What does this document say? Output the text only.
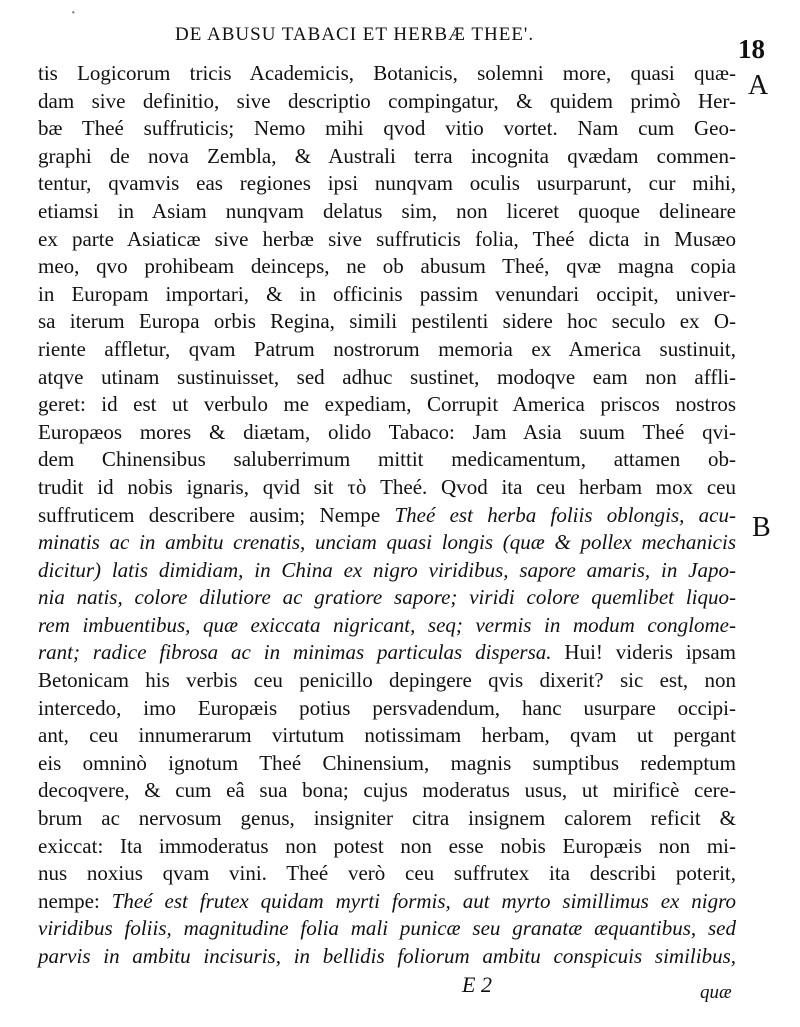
·
DE ABUSU TABACI ET HERBÆ THEE'.	18
A
B
tis Logicorum tricis Academicis, Botanicis, solemni more, quasi quæ-
dam sive definitio, sive descriptio compingatur, & quidem primò Her-
bæ Theé suffruticis; Nemo mihi qvod vitio vortet. Nam cum Geo-
graphi de nova Zembla, & Australi terra incognita qvædam commen-
tentur, qvamvis eas regiones ipsi nunqvam oculis usurparunt, cur mihi,
etiamsi in Asiam nunqvam delatus sim, non liceret quoque delineare
ex parte Asiaticæ sive herbæ sive suffruticis folia, Theé dicta in Musæo
meo, qvo prohibeam deinceps, ne ob abusum Theé, qvæ magna copia
in Europam importari, & in officinis passim venundari occipit, univer-
sa iterum Europa orbis Regina, simili pestilenti sidere hoc seculo ex O-
riente affletur, qvam Patrum nostrorum memoria ex America sustinuit,
atqve utinam sustinuisset, sed adhuc sustinet, modoqve eam non affli-
geret: id est ut verbulo me expediam, Corrupit America priscos nostros
Europæos mores & diætam, olido Tabaco: Jam Asia suum Theé qvi-
dem Chinensibus saluberrimum mittit medicamentum, attamen ob-
trudit id nobis ignaris, qvid sit τὸ Theé. Qvod ita ceu herbam mox ceu
suffruticem describere ausim; Nempe Theé est herba foliis oblongis, acu-
minatis ac in ambitu crenatis, unciam quasi longis (quæ & pollex mechanicis
dicitur) latis dimidiam, in China ex nigro viridibus, sapore amaris, in Japo-
nia natis, colore dilutiore ac gratiore sapore; viridi colore quemlibet liquo-
rem imbuentibus, quæ exiccata nigricant, seq; vermis in modum conglome-
rant; radice fibrosa ac in minimas particulas dispersa. Hui! videris ipsam
Betonicam his verbis ceu penicillo depingere qvis dixerit? sic est, non
intercedo, imo Europæis potius persvadendum, hanc usurpare occipi-
ant, ceu innumerarum virtutum notissimam herbam, qvam ut pergant
eis omninò ignotum Theé Chinensium, magnis sumptibus redemptum
decoqvere, & cum eâ sua bona; cujus moderatus usus, ut mirificè cere-
brum ac nervosum genus, insigniter citra insignem calorem reficit &
exiccat: Ita immoderatus non potest non esse nobis Europæis non mi-
nus noxius qvam vini. Theé verò ceu suffrutex ita describi poterit,
nempe: Theé est frutex quidam myrti formis, aut myrto simillimus ex nigro
viridibus foliis, magnitudine folia mali punicæ seu granatæ æquantibus, sed
parvis in ambitu incisuris, in bellidis foliorum ambitu conspicuis similibus,
E 2	quæ
